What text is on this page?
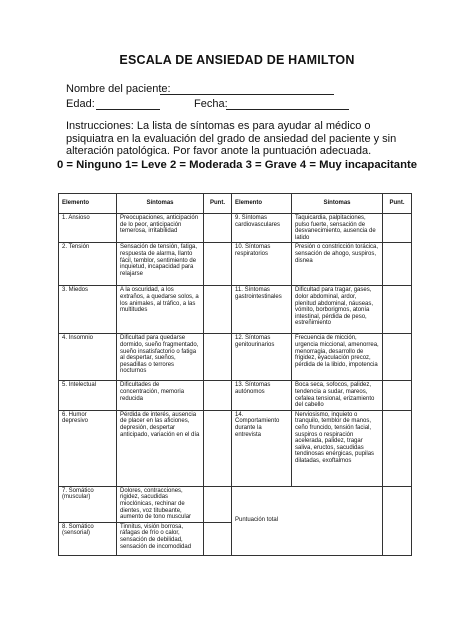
ESCALA DE ANSIEDAD DE HAMILTON
Nombre del paciente:
Edad:	Fecha:
Instrucciones: La lista de síntomas es para ayudar al médico o psiquiatra en la evaluación del grado de ansiedad del paciente y sin alteración patológica. Por favor anote la puntuación adecuada.
0 = Ninguno 1= Leve 2 = Moderada 3 = Grave 4 = Muy incapacitante
Elemento	Síntomas	Punt.	Elemento	Síntomas	Punt.
1. Ansioso	Preocupaciones, anticipación de lo peor, anticipación temerosa, irritabilidad		9. Síntomas cardiovasculares	Taquicardia, palpitaciones, pulso fuerte, sensación de desvanecimiento, ausencia de latido	
2. Tensión	Sensación de tensión, fatiga, respuesta de alarma, llanto fácil, temblor, sentimiento de inquietud, incapacidad para relajarse		10. Síntomas respiratorios	Presión o constricción torácica, sensación de ahogo, suspiros, disnea	
3. Miedos	A la oscuridad, a los extraños, a quedarse solos, a los animales, al tráfico, a las multitudes		11. Síntomas gastrointestinales	Dificultad para tragar, gases, dolor abdominal, ardor, plenitud abdominal, náuseas, vómito, borborigmos, atonía intestinal, pérdida de peso, estreñimiento	
4. Insomnio	Dificultad para quedarse dormido, sueño fragmentado, sueño insatisfactorio o fatiga al despertar, sueños, pesadillas o terrores nocturnos		12. Síntomas genitourinarios	Frecuencia de micción, urgencia miccional, amenorrea, menorragia, desarrollo de frigidez, eyaculación precoz, pérdida de la libido, impotencia	
5. Intelectual	Dificultades de concentración, memoria reducida		13. Síntomas autónomos	Boca seca, sofocos, palidez, tendencia a sudar, mareos, cefalea tensional, erizamiento del cabello	
6. Humor depresivo	Pérdida de interés, ausencia de placer en las aficiones, depresión, despertar anticipado, variación en el día		14. Comportamiento durante la entrevista	Nerviosismo, inquieto o tranquilo, temblor de manos, ceño fruncido, tensión facial, suspiros o respiración acelerada, palidez, tragar saliva, eructos, sacudidas tendinosas enérgicas, pupilas dilatadas, exoftalmos	
7. Somático (muscular)	Dolores, contracciones, rigidez, sacudidas mioclónicas, rechinar de dientes, voz titubeante, aumento de tono muscular		Puntuación total		
8. Somático (sensorial)	Tinnitus, visión borrosa, ráfagas de frío o calor, sensación de debilidad, sensación de incomodidad				
